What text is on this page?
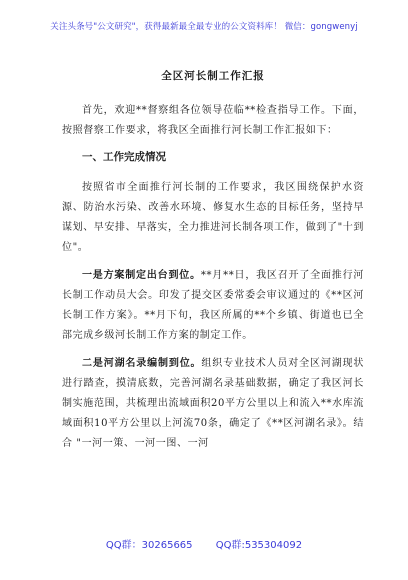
关注头条号"公文研究"，获得最新最全最专业的公文资料库！ 微信：gongwenyj
全区河长制工作汇报

首先，欢迎**督察组各位领导莅临**检查指导工作。下面，按照督察工作要求，将我区全面推行河长制工作汇报如下：

一、工作完成情况

按照省市全面推行河长制的工作要求，我区围绕保护水资源、防治水污染、改善水环境、修复水生态的目标任务，坚持早谋划、早安排、早落实，全力推进河长制各项工作，做到了"十到位"。

一是方案制定出台到位。**月**日，我区召开了全面推行河长制工作动员大会。印发了提交区委常委会审议通过的《**区河长制工作方案》。**月下旬，我区所属的**个乡镇、街道也已全部完成乡级河长制工作方案的制定工作。

二是河湖名录编制到位。组织专业技术人员对全区河湖现状进行踏查，摸清底数，完善河湖名录基础数据，确定了我区河长制实施范围，共梳理出流域面积20平方公里以上和流入**水库流域面积10平方公里以上河流70条，确定了《**区河湖名录》。结合 "一河一策、一河一图、一河

QQ群：30265665 QQ群:535304092
